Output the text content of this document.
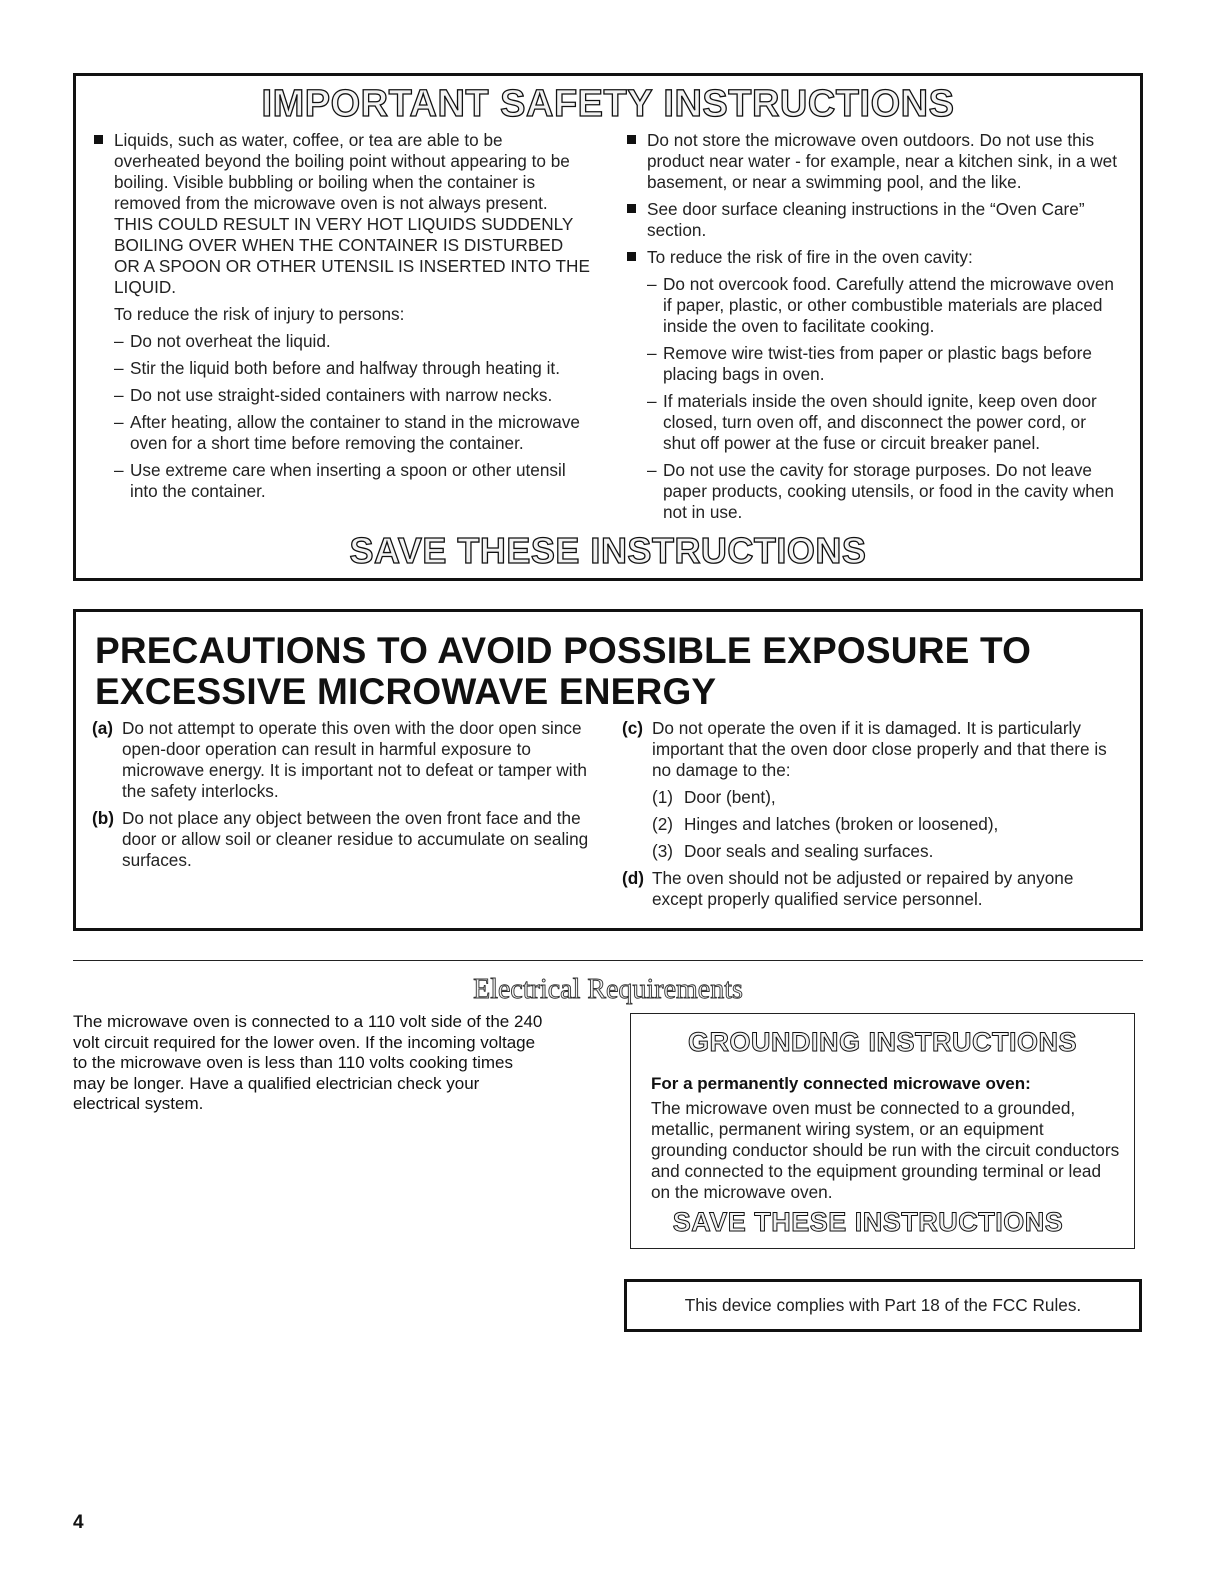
IMPORTANT SAFETY INSTRUCTIONS

Liquids, such as water, coffee, or tea are able to be overheated beyond the boiling point without appearing to be boiling. Visible bubbling or boiling when the container is removed from the microwave oven is not always present.

THIS COULD RESULT IN VERY HOT LIQUIDS SUDDENLY BOILING OVER WHEN THE CONTAINER IS DISTURBED OR A SPOON OR OTHER UTENSIL IS INSERTED INTO THE LIQUID.

To reduce the risk of injury to persons:

– Do not overheat the liquid.

– Stir the liquid both before and halfway through heating it.

– Do not use straight-sided containers with narrow necks.

– After heating, allow the container to stand in the microwave oven for a short time before removing the container.

– Use extreme care when inserting a spoon or other utensil into the container.

Do not store the microwave oven outdoors. Do not use this product near water - for example, near a kitchen sink, in a wet basement, or near a swimming pool, and the like.

See door surface cleaning instructions in the “Oven Care” section.

To reduce the risk of fire in the oven cavity:

– Do not overcook food. Carefully attend the microwave oven if paper, plastic, or other combustible materials are placed inside the oven to facilitate cooking.

– Remove wire twist-ties from paper or plastic bags before placing bags in oven.

– If materials inside the oven should ignite, keep oven door closed, turn oven off, and disconnect the power cord, or shut off power at the fuse or circuit breaker panel.

– Do not use the cavity for storage purposes. Do not leave paper products, cooking utensils, or food in the cavity when not in use.

SAVE THESE INSTRUCTIONS
PRECAUTIONS TO AVOID POSSIBLE EXPOSURE TO
EXCESSIVE MICROWAVE ENERGY

(a) Do not attempt to operate this oven with the door open since open-door operation can result in harmful exposure to microwave energy. It is important not to defeat or tamper with the safety interlocks.

(b) Do not place any object between the oven front face and the door or allow soil or cleaner residue to accumulate on sealing surfaces.

(c) Do not operate the oven if it is damaged. It is particularly important that the oven door close properly and that there is no damage to the:

(1) Door (bent),

(2) Hinges and latches (broken or loosened),

(3) Door seals and sealing surfaces.

(d) The oven should not be adjusted or repaired by anyone except properly qualified service personnel.

Electrical Requirements
The microwave oven is connected to a 110 volt side of the 240 volt circuit required for the lower oven. If the incoming voltage to the microwave oven is less than 110 volts cooking times may be longer. Have a qualified electrician check your electrical system.
GROUNDING INSTRUCTIONS
For a permanently connected microwave oven:
The microwave oven must be connected to a grounded, metallic, permanent wiring system, or an equipment grounding conductor should be run with the circuit conductors and connected to the equipment grounding terminal or lead on the microwave oven.
SAVE THESE INSTRUCTIONS
This device complies with Part 18 of the FCC Rules.
4
